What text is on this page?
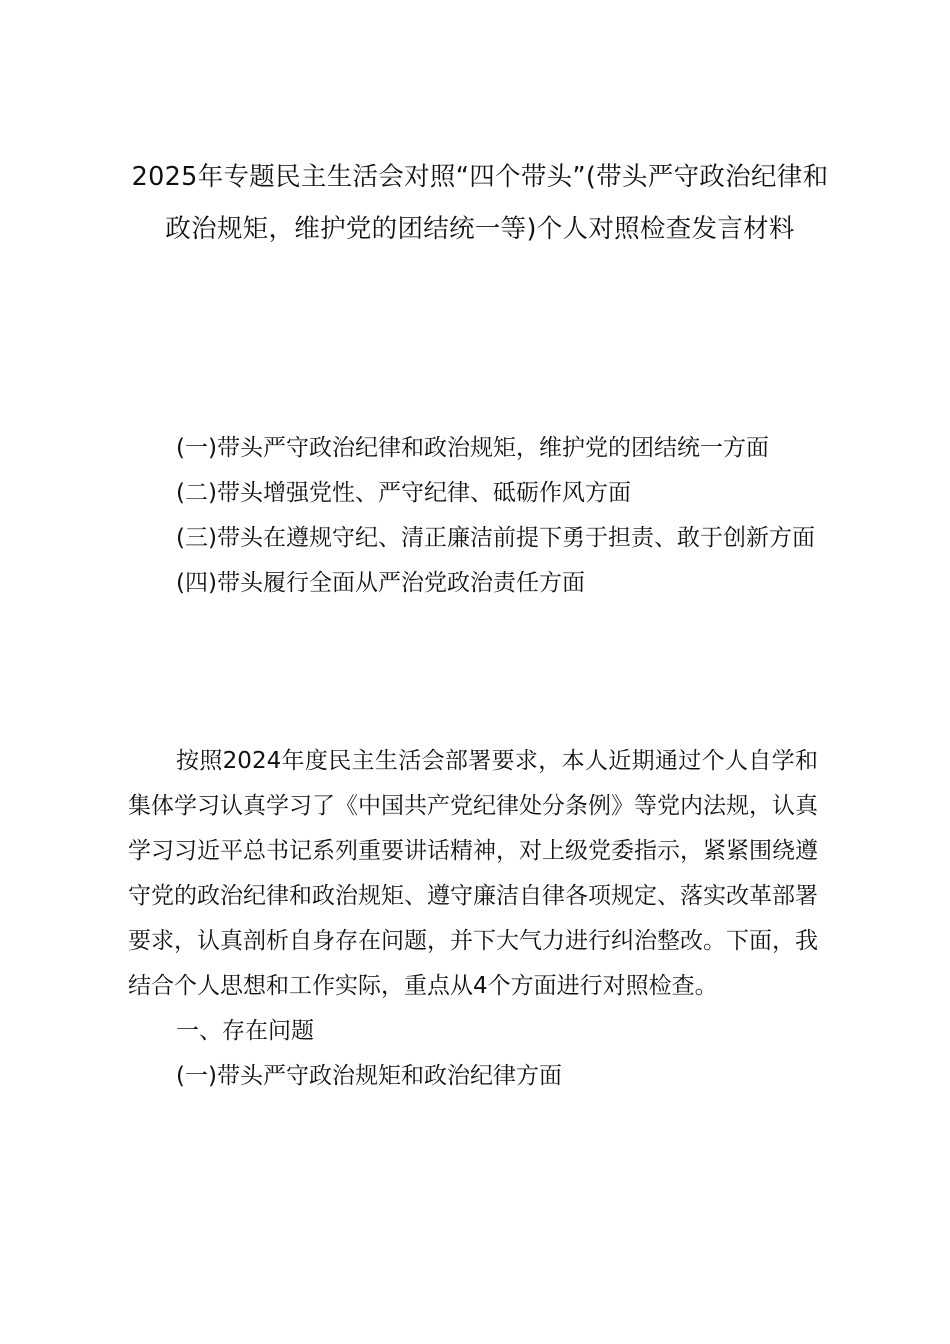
2025年专题民主生活会对照“四个带头”(带头严守政治纪律和政治规矩，维护党的团结统一等)个人对照检查发言材料
(一)带头严守政治纪律和政治规矩，维护党的团结统一方面
(二)带头增强党性、严守纪律、砥砺作风方面
(三)带头在遵规守纪、清正廉洁前提下勇于担责、敢于创新方面
(四)带头履行全面从严治党政治责任方面

按照2024年度民主生活会部署要求，本人近期通过个人自学和集体学习认真学习了《中国共产党纪律处分条例》等党内法规，认真学习习近平总书记系列重要讲话精神，对上级党委指示，紧紧围绕遵守党的政治纪律和政治规矩、遵守廉洁自律各项规定、落实改革部署要求，认真剖析自身存在问题，并下大气力进行纠治整改。下面，我结合个人思想和工作实际，重点从4个方面进行对照检查。

一、存在问题

(一)带头严守政治规矩和政治纪律方面
